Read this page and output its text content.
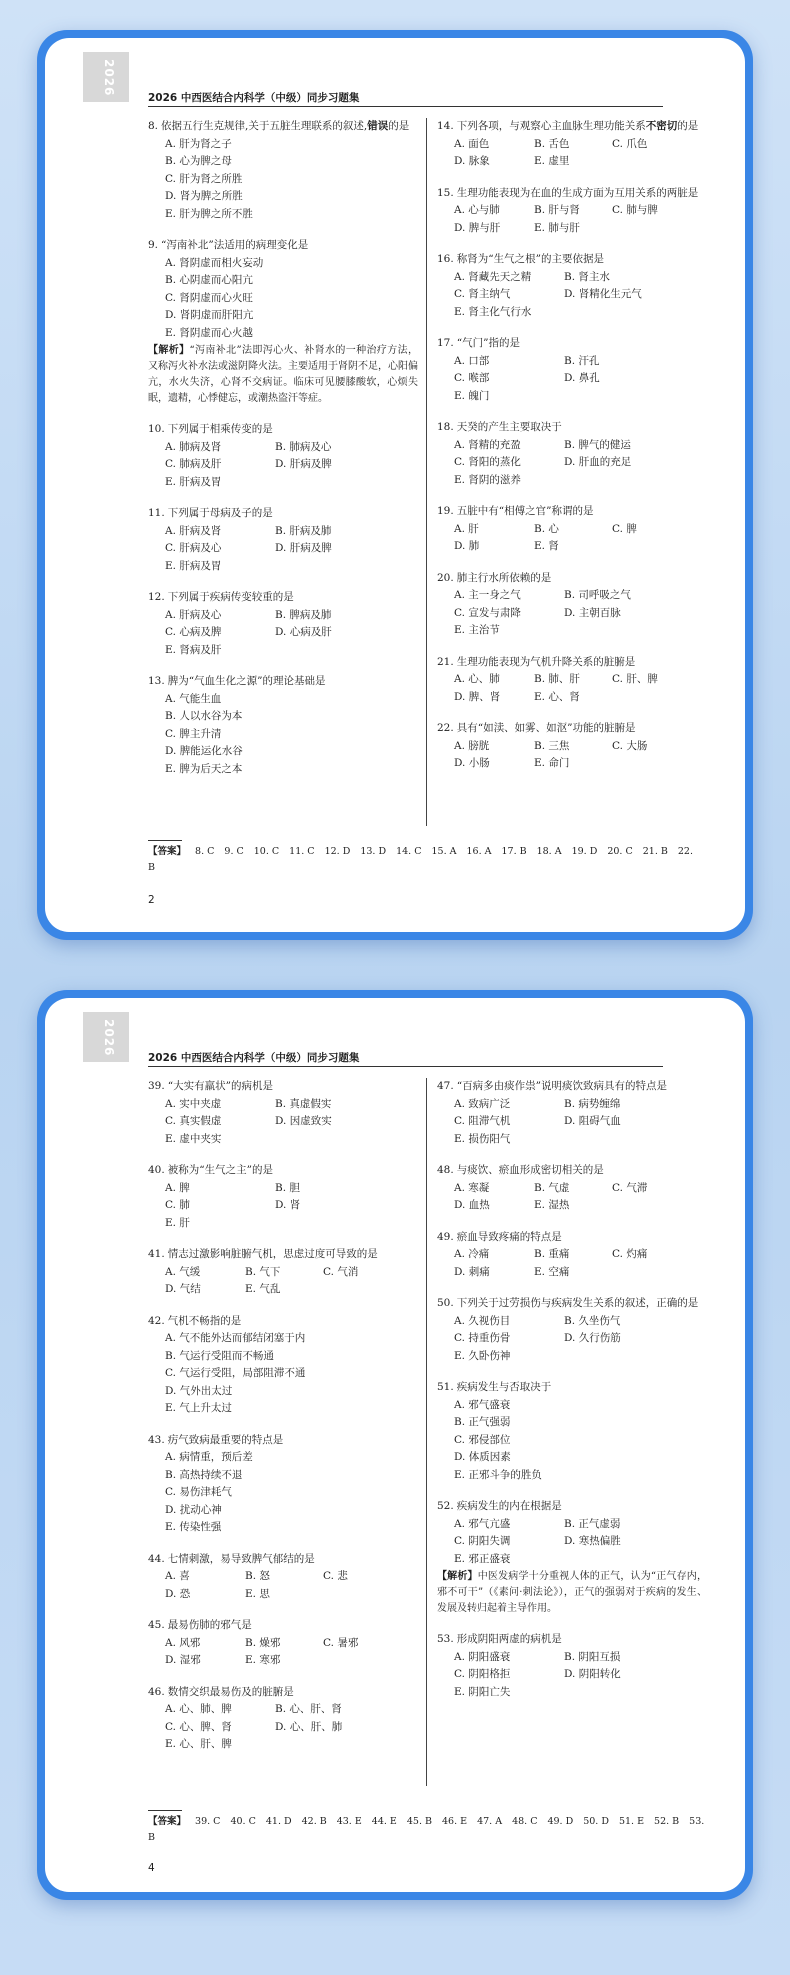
2026
2026 中西医结合内科学（中级）同步习题集
8. 依据五行生克规律,关于五脏生理联系的叙述,错误的是
A. 肝为肾之子
B. 心为脾之母
C. 肝为肾之所胜
D. 肾为脾之所胜
E. 肝为脾之所不胜
9. “泻南补北”法适用的病理变化是
A. 肾阴虚而相火妄动
B. 心阴虚而心阳亢
C. 肾阴虚而心火旺
D. 肾阴虚而肝阳亢
E. 肾阴虚而心火越
【解析】“泻南补北”法即泻心火、补肾水的一种治疗方法，又称泻火补水法或滋阴降火法。主要适用于肾阴不足，心阳偏亢，水火失济，心肾不交病证。临床可见腰膝酸软，心烦失眠，遗精，心悸健忘，或潮热盗汗等症。
10. 下列属于相乘传变的是
A. 肺病及肾	B. 肺病及心
C. 肺病及肝	D. 肝病及脾
E. 肝病及胃
11. 下列属于母病及子的是
A. 肝病及肾	B. 肝病及肺
C. 肝病及心	D. 肝病及脾
E. 肝病及胃
12. 下列属于疾病传变较重的是
A. 肝病及心	B. 脾病及肺
C. 心病及脾	D. 心病及肝
E. 肾病及肝
13. 脾为“气血生化之源”的理论基础是
A. 气能生血
B. 人以水谷为本
C. 脾主升清
D. 脾能运化水谷
E. 脾为后天之本
14. 下列各项，与观察心主血脉生理功能关系不密切的是
A. 面色	B. 舌色	C. 爪色
D. 脉象	E. 虚里
15. 生理功能表现为在血的生成方面为互用关系的两脏是
A. 心与肺	B. 肝与肾	C. 肺与脾
D. 脾与肝	E. 肺与肝
16. 称肾为“生气之根”的主要依据是
A. 肾藏先天之精	B. 肾主水
C. 肾主纳气	D. 肾精化生元气
E. 肾主化气行水
17. “气门”指的是
A. 口部	B. 汗孔
C. 喉部	D. 鼻孔
E. 魄门
18. 天癸的产生主要取决于
A. 肾精的充盈	B. 脾气的健运
C. 肾阳的蒸化	D. 肝血的充足
E. 肾阴的滋养
19. 五脏中有“相傅之官”称谓的是
A. 肝	B. 心	C. 脾
D. 肺	E. 肾
20. 肺主行水所依赖的是
A. 主一身之气	B. 司呼吸之气
C. 宣发与肃降	D. 主朝百脉
E. 主治节
21. 生理功能表现为气机升降关系的脏腑是
A. 心、肺	B. 肺、肝	C. 肝、脾
D. 脾、肾	E. 心、肾
22. 具有“如渎、如雾、如沤”功能的脏腑是
A. 膀胱	B. 三焦	C. 大肠
D. 小肠	E. 命门
【答案】 8. C 9. C 10. C 11. C 12. D 13. D 14. C 15. A 16. A 17. B 18. A 19. D 20. C 21. B 22. B
2
2026
2026 中西医结合内科学（中级）同步习题集
39. “大实有羸状”的病机是
A. 实中夹虚	B. 真虚假实
C. 真实假虚	D. 因虚致实
E. 虚中夹实
40. 被称为“生气之主”的是
A. 脾	B. 胆
C. 肺	D. 肾
E. 肝
41. 情志过激影响脏腑气机，思虑过度可导致的是
A. 气缓	B. 气下	C. 气消
D. 气结	E. 气乱
42. 气机不畅指的是
A. 气不能外达而郁结闭塞于内
B. 气运行受阻而不畅通
C. 气运行受阻，局部阻滞不通
D. 气外出太过
E. 气上升太过
43. 疠气致病最重要的特点是
A. 病情重，预后差
B. 高热持续不退
C. 易伤津耗气
D. 扰动心神
E. 传染性强
44. 七情刺激，易导致脾气郁结的是
A. 喜	B. 怒	C. 悲
D. 恐	E. 思
45. 最易伤肺的邪气是
A. 风邪	B. 燥邪	C. 暑邪
D. 湿邪	E. 寒邪
46. 数情交织最易伤及的脏腑是
A. 心、肺、脾	B. 心、肝、肾
C. 心、脾、肾	D. 心、肝、肺
E. 心、肝、脾
47. “百病多由痰作祟”说明痰饮致病具有的特点是
A. 致病广泛	B. 病势缠绵
C. 阻滞气机	D. 阻碍气血
E. 损伤阳气
48. 与痰饮、瘀血形成密切相关的是
A. 寒凝	B. 气虚	C. 气滞
D. 血热	E. 湿热
49. 瘀血导致疼痛的特点是
A. 冷痛	B. 重痛	C. 灼痛
D. 刺痛	E. 空痛
50. 下列关于过劳损伤与疾病发生关系的叙述，正确的是
A. 久视伤目	B. 久坐伤气
C. 持重伤骨	D. 久行伤筋
E. 久卧伤神
51. 疾病发生与否取决于
A. 邪气盛衰
B. 正气强弱
C. 邪侵部位
D. 体质因素
E. 正邪斗争的胜负
52. 疾病发生的内在根据是
A. 邪气亢盛	B. 正气虚弱
C. 阴阳失调	D. 寒热偏胜
E. 邪正盛衰
【解析】中医发病学十分重视人体的正气，认为“正气存内，邪不可干”（《素问·刺法论》），正气的强弱对于疾病的发生、发展及转归起着主导作用。
53. 形成阴阳两虚的病机是
A. 阴阳盛衰	B. 阴阳互损
C. 阴阳格拒	D. 阴阳转化
E. 阴阳亡失
【答案】 39. C 40. C 41. D 42. B 43. E 44. E 45. B 46. E 47. A 48. C 49. D 50. D 51. E 52. B 53. B
4
